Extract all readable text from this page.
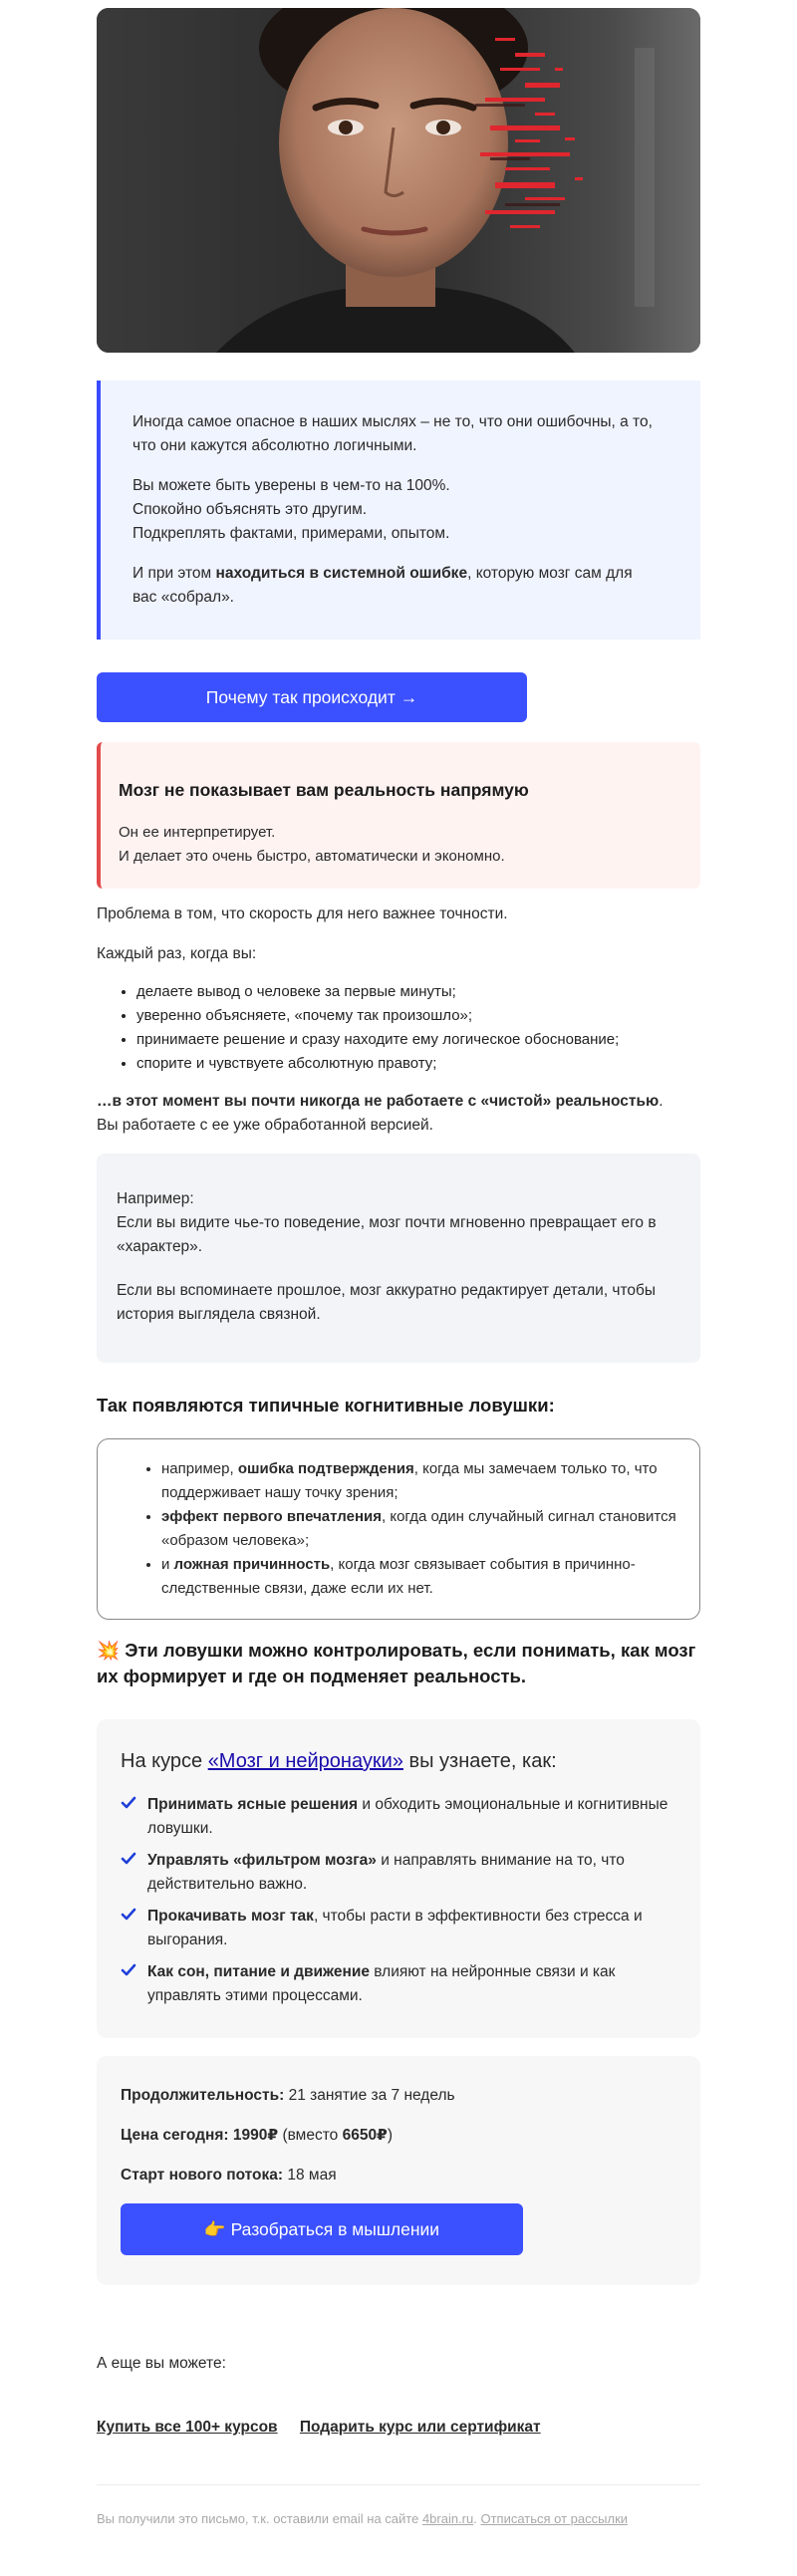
Иногда самое опасное в наших мыслях – не то, что они ошибочны, а то, что они кажутся абсолютно логичными.

Вы можете быть уверены в чем-то на 100%.
Спокойно объяснять это другим.
Подкреплять фактами, примерами, опытом.

И при этом находиться в системной ошибке, которую мозг сам для вас «собрал».

Почему так происходит →
Мозг не показывает вам реальность напрямую

Он ее интерпретирует.
И делает это очень быстро, автоматически и экономно.

Проблема в том, что скорость для него важнее точности.
Каждый раз, когда вы:
• делаете вывод о человеке за первые минуты;
• уверенно объясняете, «почему так произошло»;
• принимаете решение и сразу находите ему логическое обоснование;
• спорите и чувствуете абсолютную правоту;
…в этот момент вы почти никогда не работаете с «чистой» реальностью.
Вы работаете с ее уже обработанной версией.

Например:
Если вы видите чье-то поведение, мозг почти мгновенно превращает его в «характер».

Если вы вспоминаете прошлое, мозг аккуратно редактирует детали, чтобы история выглядела связной.

Так появляются типичные когнитивные ловушки:
• например, ошибка подтверждения, когда мы замечаем только то, что поддерживает нашу точку зрения;
• эффект первого впечатления, когда один случайный сигнал становится «образом человека»;
• и ложная причинность, когда мозг связывает события в причинно-следственные связи, даже если их нет.
💥 Эти ловушки можно контролировать, если понимать, как мозг их формирует и где он подменяет реальность.

На курсе «Мозг и нейронауки» вы узнаете, как:

Принимать ясные решения и обходить эмоциональные и когнитивные ловушки.
Управлять «фильтром мозга» и направлять внимание на то, что действительно важно.
Прокачивать мозг так, чтобы расти в эффективности без стресса и выгорания.
Как сон, питание и движение влияют на нейронные связи и как управлять этими процессами.

Продолжительность: 21 занятие за 7 недель

Цена сегодня: 1990₽ (вместо 6650₽)

Старт нового потока: 18 мая

👉 Разобраться в мышлении
А еще вы можете:
Купить все 100+ курсов Подарить курс или сертификат
Вы получили это письмо, т.к. оставили email на сайте 4brain.ru. Отписаться от рассылки
